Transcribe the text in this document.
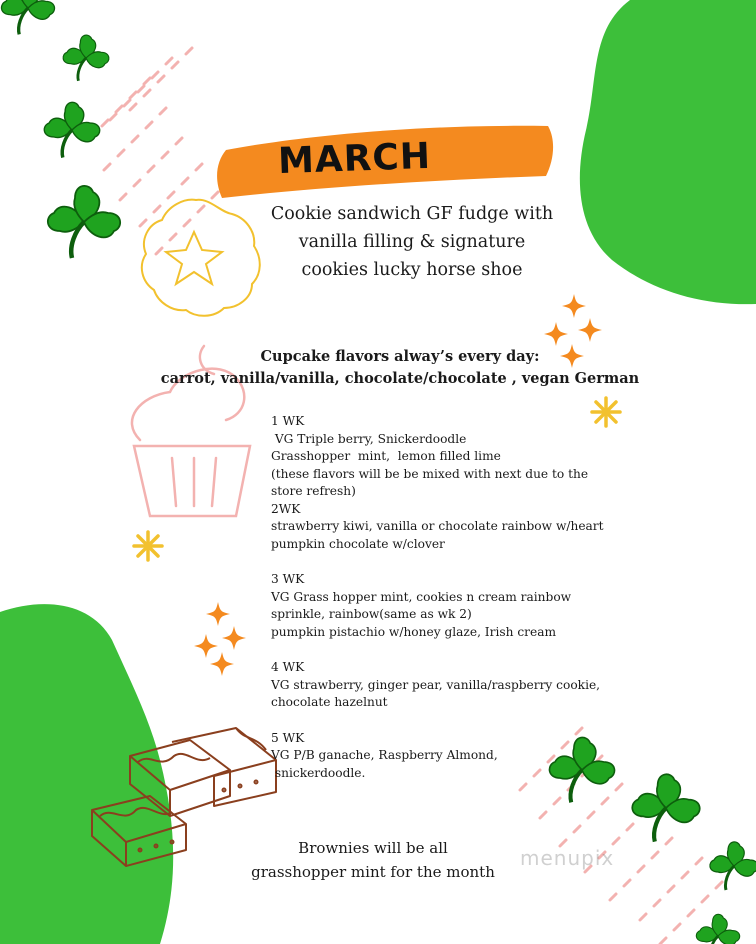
MARCH
Cookie sandwich GF fudge with
vanilla filling & signature
cookies lucky horse shoe
Cupcake flavors alway’s every day:
carrot, vanilla/vanilla, chocolate/chocolate , vegan German
1 WK
VG Triple berry, Snickerdoodle
Grasshopper  mint,  lemon filled lime
(these flavors will be be mixed with next due to the
store refresh)
2WK
strawberry kiwi, vanilla or chocolate rainbow w/heart
pumpkin chocolate w/clover
3 WK
VG Grass hopper mint, cookies n cream rainbow
sprinkle, rainbow(same as wk 2)
pumpkin pistachio w/honey glaze, Irish cream
4 WK
VG strawberry, ginger pear, vanilla/raspberry cookie,
chocolate hazelnut
5 WK
VG P/B ganache, Raspberry Almond,
snickerdoodle.
Brownies will be all
grasshopper mint for the month
menupix
